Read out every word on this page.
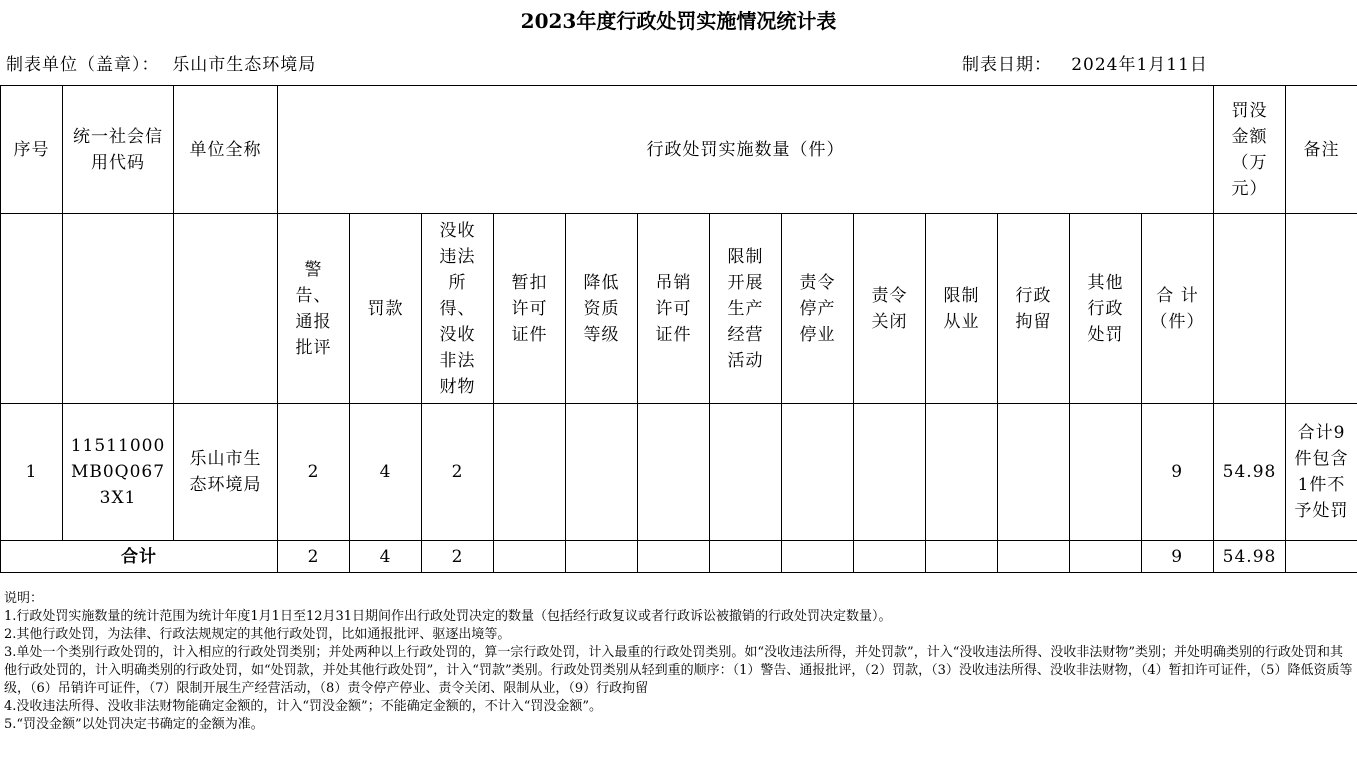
2023年度行政处罚实施情况统计表
制表单位（盖章）： 乐山市生态环境局	制表日期： 2024年1月11日
序号	统一社会信用代码	单位全称	行政处罚实施数量（件）													罚没金额（万元）	备注

			警告、通报批评	罚款	没收违法所得、没收非法财物	暂扣许可证件	降低资质等级	吊销许可证件	限制开展生产经营活动	责令停产停业	责令关闭	限制从业	行政拘留	其他行政处罚	合 计（件）		

1	11511000MB0Q0673X1	乐山市生态环境局	2	4	2										9	54.98	合计9件包含1件不予处罚

合计			2	4	2										9	54.98	
说明：
1.行政处罚实施数量的统计范围为统计年度1月1日至12月31日期间作出行政处罚决定的数量（包括经行政复议或者行政诉讼被撤销的行政处罚决定数量）。
2.其他行政处罚，为法律、行政法规规定的其他行政处罚，比如通报批评、驱逐出境等。
3.单处一个类别行政处罚的，计入相应的行政处罚类别；并处两种以上行政处罚的，算一宗行政处罚，计入最重的行政处罚类别。如“没收违法所得，并处罚款”，计入“没收违法所得、没收非法财物”类别；并处明确类别的行政处罚和其他行政处罚的，计入明确类别的行政处罚，如“处罚款，并处其他行政处罚”，计入“罚款”类别。行政处罚类别从轻到重的顺序：（1）警告、通报批评，（2）罚款，（3）没收违法所得、没收非法财物，（4）暂扣许可证件，（5）降低资质等级，（6）吊销许可证件，（7）限制开展生产经营活动，（8）责令停产停业、责令关闭、限制从业，（9）行政拘留
4.没收违法所得、没收非法财物能确定金额的，计入“罚没金额”；不能确定金额的，不计入“罚没金额”。
5.“罚没金额”以处罚决定书确定的金额为准。
